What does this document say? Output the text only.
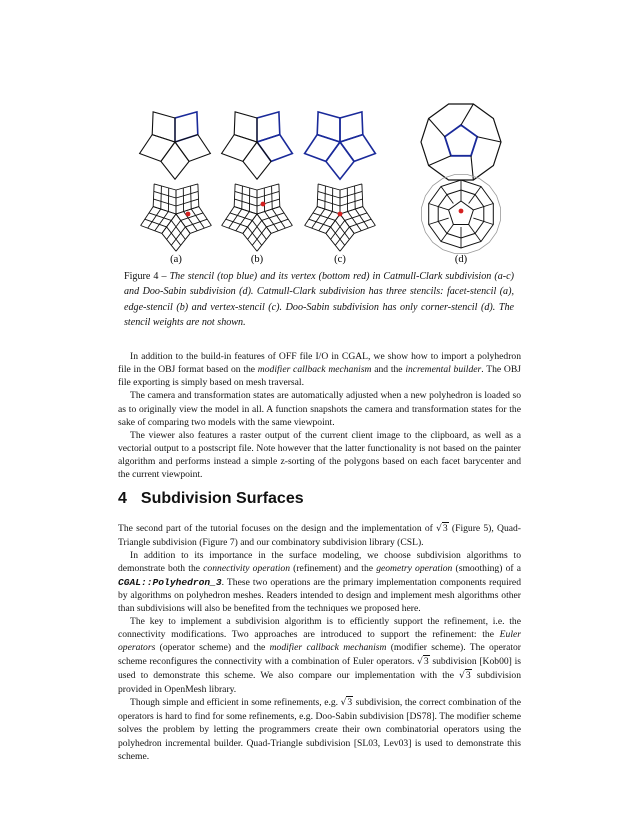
(a)	(b)	(c)	(d)
Figure 4 – The stencil (top blue) and its vertex (bottom red) in Catmull-Clark subdivision (a-c) and Doo-Sabin subdivision (d). Catmull-Clark subdivision has three stencils: facet-stencil (a), edge-stencil (b) and vertex-stencil (c). Doo-Sabin subdivision has only corner-stencil (d). The stencil weights are not shown.

In addition to the build-in features of OFF file I/O in CGAL, we show how to import a polyhedron file in the OBJ format based on the modifier callback mechanism and the incremental builder. The OBJ file exporting is simply based on mesh traversal.

The camera and transformation states are automatically adjusted when a new polyhedron is loaded so as to originally view the model in all. A function snapshots the camera and transformation states for the sake of comparing two models with the same viewpoint.

The viewer also features a raster output of the current client image to the clipboard, as well as a vectorial output to a postscript file. Note however that the latter functionality is not based on the painter algorithm and performs instead a simple z-sorting of the polygons based on each facet barycenter and the current viewpoint.

4 Subdivision Surfaces

The second part of the tutorial focuses on the design and the implementation of √3 (Figure 5), Quad-Triangle subdivision (Figure 7) and our combinatory subdivision library (CSL).

In addition to its importance in the surface modeling, we choose subdivision algorithms to demonstrate both the connectivity operation (refinement) and the geometry operation (smoothing) of a CGAL::Polyhedron_3. These two operations are the primary implementation components required by algorithms on polyhedron meshes. Readers intended to design and implement mesh algorithms other than subdivisions will also be benefited from the techniques we proposed here.

The key to implement a subdivision algorithm is to efficiently support the refinement, i.e. the connectivity modifications. Two approaches are introduced to support the refinement: the Euler operators (operator scheme) and the modifier callback mechanism (modifier scheme). The operator scheme reconfigures the connectivity with a combination of Euler operators. √3 subdivision [Kob00] is used to demonstrate this scheme. We also compare our implementation with the √3 subdivision provided in OpenMesh library.

Though simple and efficient in some refinements, e.g. √3 subdivision, the correct combination of the operators is hard to find for some refinements, e.g. Doo-Sabin subdivision [DS78]. The modifier scheme solves the problem by letting the programmers create their own combinatorial operators using the polyhedron incremental builder. Quad-Triangle subdivision [SL03, Lev03] is used to demonstrate this scheme.
